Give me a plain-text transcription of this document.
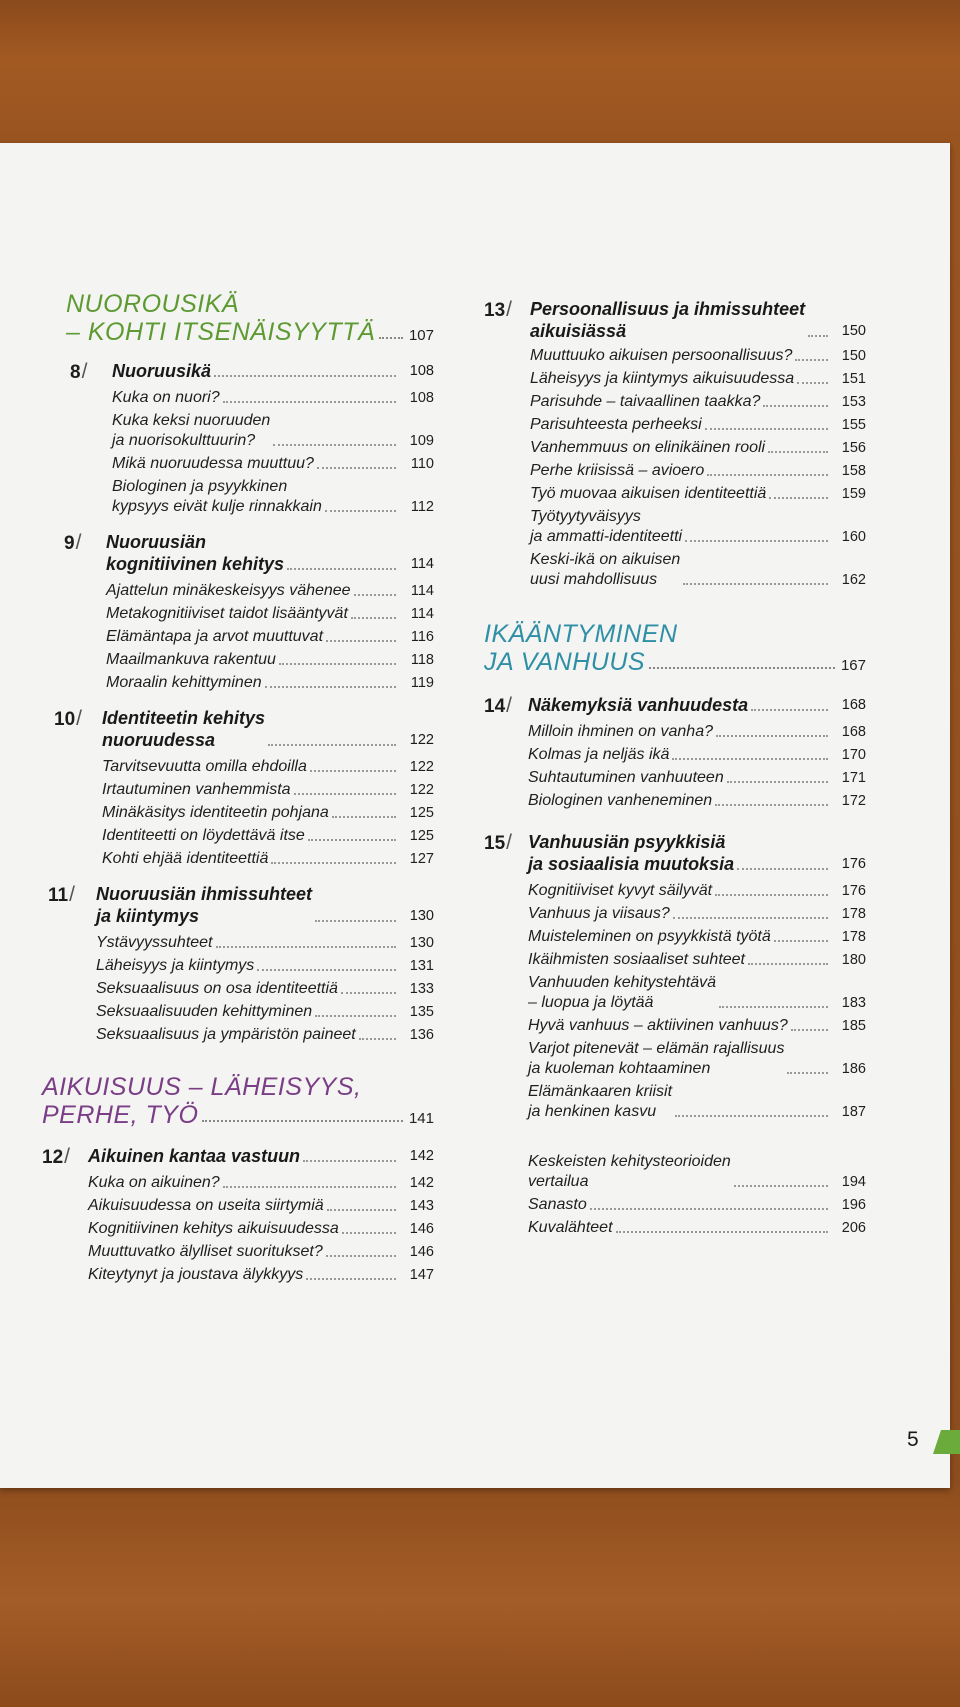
NUOROUSIKÄ
– KOHTI ITSENÄISYYTTÄ 107
8/ Nuoruusikä	108
Kuka on nuori?	108
Kuka keksi nuoruuden
ja nuorisokulttuurin?	109
Mikä nuoruudessa muuttuu?	110
Biologinen ja psyykkinen
kypsyys eivät kulje rinnakkain	112
9/ Nuoruusiän
kognitiivinen kehitys	114
Ajattelun minäkeskeisyys vähenee	114
Metakognitiiviset taidot lisääntyvät	114
Elämäntapa ja arvot muuttuvat	116
Maailmankuva rakentuu	118
Moraalin kehittyminen	119
10/ Identiteetin kehitys
nuoruudessa	122
Tarvitsevuutta omilla ehdoilla	122
Irtautuminen vanhemmista	122
Minäkäsitys identiteetin pohjana	125
Identiteetti on löydettävä itse	125
Kohti ehjää identiteettiä	127
11/ Nuoruusiän ihmissuhteet
ja kiintymys	130
Ystävyyssuhteet	130
Läheisyys ja kiintymys	131
Seksuaalisuus on osa identiteettiä	133
Seksuaalisuuden kehittyminen	135
Seksuaalisuus ja ympäristön paineet	136
AIKUISUUS – LÄHEISYYS,
PERHE, TYÖ	141
12/ Aikuinen kantaa vastuun	142
Kuka on aikuinen?	142
Aikuisuudessa on useita siirtymiä	143
Kognitiivinen kehitys aikuisuudessa	146
Muuttuvatko älylliset suoritukset?	146
Kiteytynyt ja joustava älykkyys	147
13/ Persoonallisuus ja ihmissuhteet
aikuisiässä	150
Muuttuuko aikuisen persoonallisuus?	150
Läheisyys ja kiintymys aikuisuudessa	151
Parisuhde – taivaallinen taakka?	153
Parisuhteesta perheeksi	155
Vanhemmuus on elinikäinen rooli	156
Perhe kriisissä – avioero	158
Työ muovaa aikuisen identiteettiä	159
Työtyytyväisyys
ja ammatti-identiteetti	160
Keski-ikä on aikuisen
uusi mahdollisuus	162
IKÄÄNTYMINEN
JA VANHUUS	167
14/ Näkemyksiä vanhuudesta	168
Milloin ihminen on vanha?	168
Kolmas ja neljäs ikä	170
Suhtautuminen vanhuuteen	171
Biologinen vanheneminen	172
15/ Vanhuusiän psyykkisiä
ja sosiaalisia muutoksia	176
Kognitiiviset kyvyt säilyvät	176
Vanhuus ja viisaus?	178
Muisteleminen on psyykkistä työtä	178
Ikäihmisten sosiaaliset suhteet	180
Vanhuuden kehitystehtävä
– luopua ja löytää	183
Hyvä vanhuus – aktiivinen vanhuus?	185
Varjot pitenevät – elämän rajallisuus
ja kuoleman kohtaaminen	186
Elämänkaaren kriisit
ja henkinen kasvu	187
Keskeisten kehitysteorioiden
vertailua	194
Sanasto	196
Kuvalähteet	206
5
